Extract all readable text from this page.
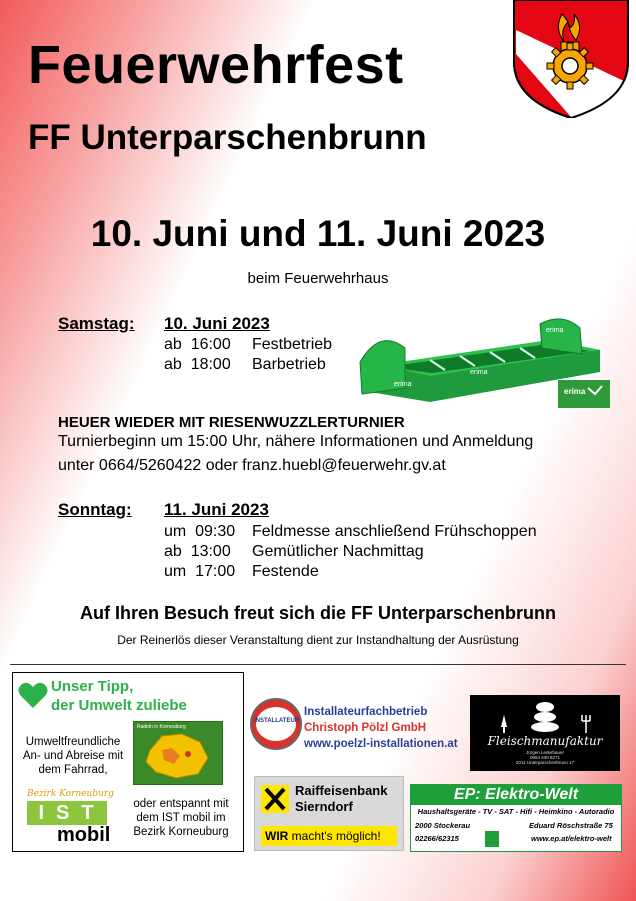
Feuerwehrfest
FF Unterparschenbrunn
10. Juni und 11. Juni 2023
beim Feuerwehrhaus
Samstag: 10. Juni 2023
ab 16:00 Festbetrieb
ab 18:00 Barbetrieb
erima
erima
erima
erima
HEUER WIEDER MIT RIESENWUZZLERTURNIER
Turnierbeginn um 15:00 Uhr, nähere Informationen und Anmeldung
unter 0664/5260422 oder franz.huebl@feuerwehr.gv.at
Sonntag: 11. Juni 2023
um 09:30 Feldmesse anschließend Frühschoppen
ab 13:00 Gemütlicher Nachmittag
um 17:00 Festende
Auf Ihren Besuch freut sich die FF Unterparschenbrunn
Der Reinerlös dieser Veranstaltung dient zur Instandhaltung der Ausrüstung
Unser Tipp,
der Umwelt zuliebe
Umweltfreundliche An- und Abreise mit dem Fahrrad,
Radeln in Korneuburg
Bezirk Korneuburg
IST
mobil
oder entspannt mit dem IST mobil im Bezirk Korneuburg
INSTALLATEUR
Installateurfachbetrieb
Christoph Pölzl GmbH
www.poelzl-installationen.at	Fleischmanufaktur
Jürgen Lederbauer
0664 530 8271
2011 Unterparschenbrunn 17
Raiffeisenbank
Sierndorf
WIR macht's möglich!
EP: Elektro-Welt
Haushaltsgeräte - TV - SAT - Hifi - Heimkino - Autoradio
2000 Stockerau	Eduard Röschstraße 75
02266/62315	www.ep.at/elektro-welt
